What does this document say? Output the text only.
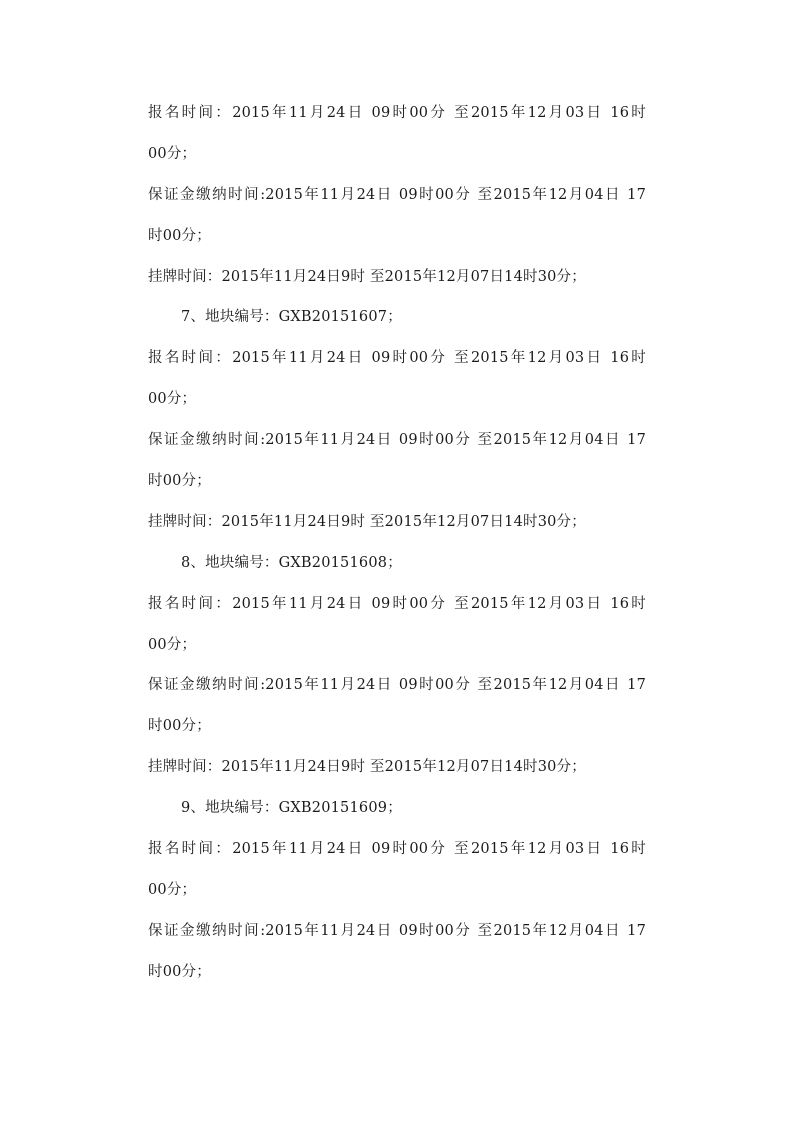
报名时间：2015年11月24日 09时00分 至2015年12月03日 16时
00分；
保证金缴纳时间:2015年11月24日 09时00分 至2015年12月04日 17
时00分；
挂牌时间：2015年11月24日9时 至2015年12月07日14时30分；
7、地块编号：GXB20151607；
报名时间：2015年11月24日 09时00分 至2015年12月03日 16时
00分；
保证金缴纳时间:2015年11月24日 09时00分 至2015年12月04日 17
时00分；
挂牌时间：2015年11月24日9时 至2015年12月07日14时30分；
8、地块编号：GXB20151608；
报名时间：2015年11月24日 09时00分 至2015年12月03日 16时
00分；
保证金缴纳时间:2015年11月24日 09时00分 至2015年12月04日 17
时00分；
挂牌时间：2015年11月24日9时 至2015年12月07日14时30分；
9、地块编号：GXB20151609；
报名时间：2015年11月24日 09时00分 至2015年12月03日 16时
00分；
保证金缴纳时间:2015年11月24日 09时00分 至2015年12月04日 17
时00分；
